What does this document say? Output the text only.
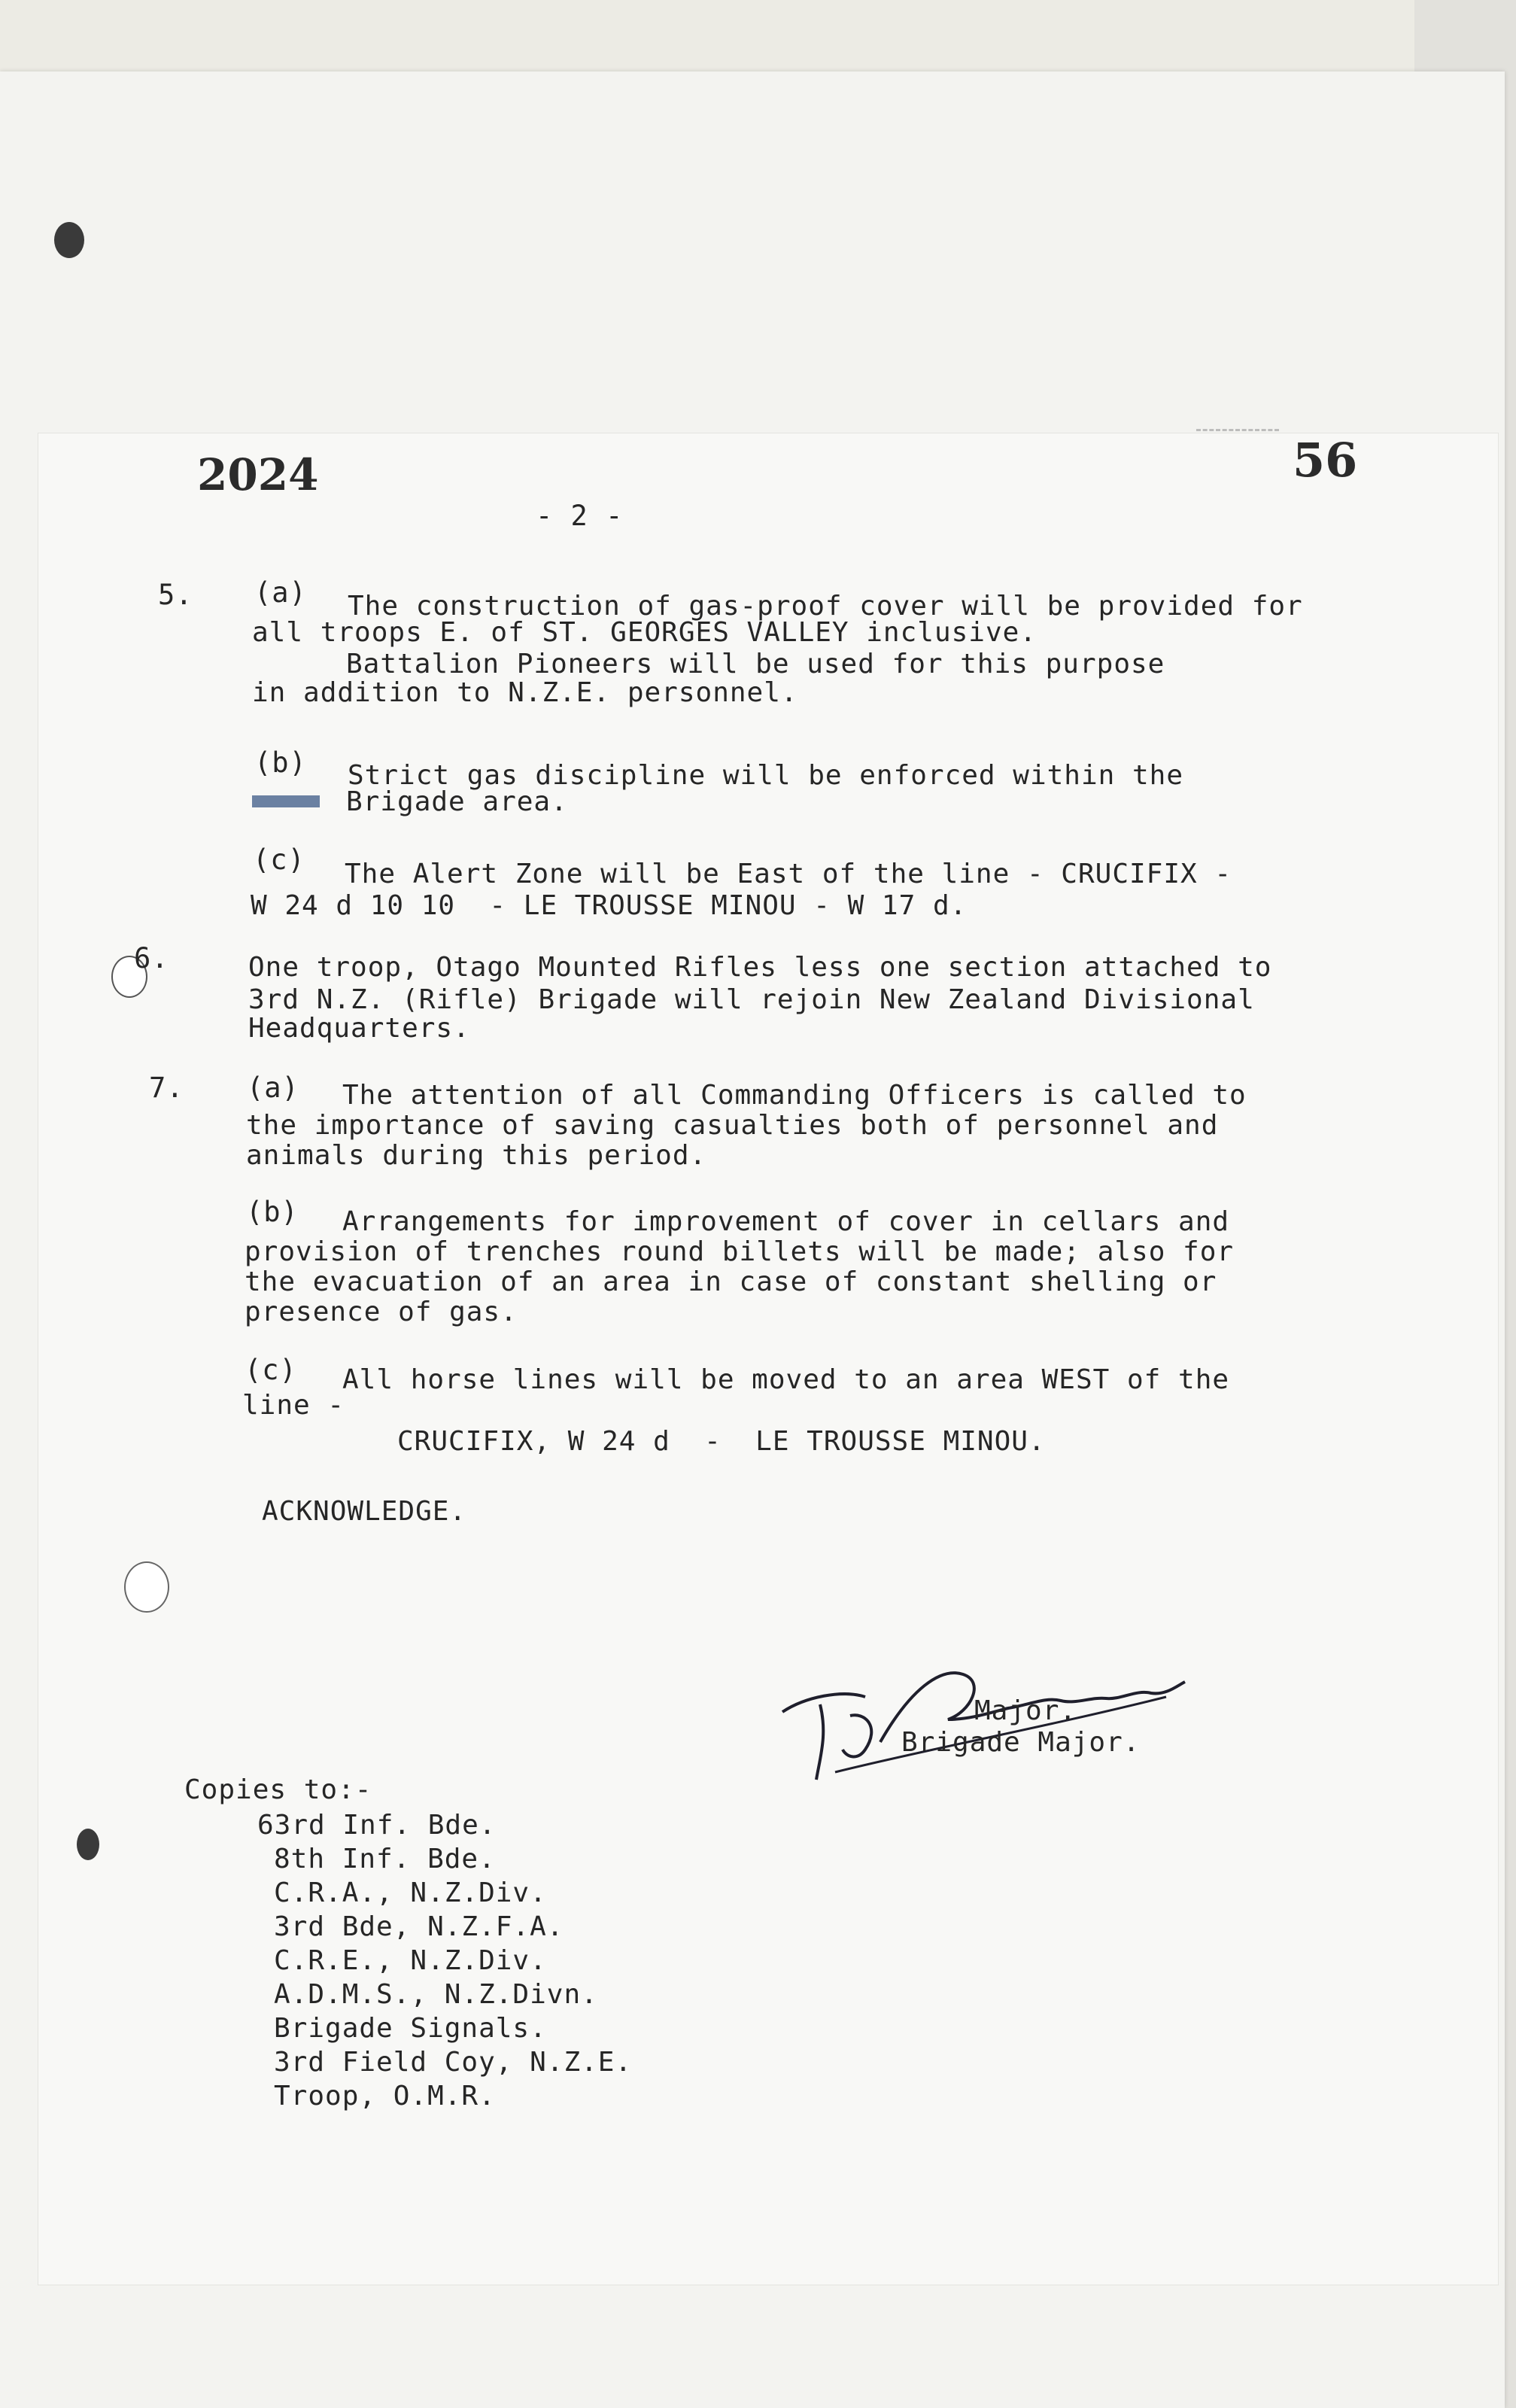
2024	56
- 2 -
5. (a) The construction of gas-proof cover will be provided for
all troops E. of ST. GEORGES VALLEY inclusive.
Battalion Pioneers will be used for this purpose
in addition to N.Z.E. personnel.
(b) Strict gas discipline will be enforced within the
Brigade area.
(c) The Alert Zone will be East of the line - CRUCIFIX -
W 24 d 10 10  - LE TROUSSE MINOU - W 17 d.
6.	One troop, Otago Mounted Rifles less one section attached to
3rd N.Z. (Rifle) Brigade will rejoin New Zealand Divisional
Headquarters.
7. (a) The attention of all Commanding Officers is called to
the importance of saving casualties both of personnel and
animals during this period.
(b) Arrangements for improvement of cover in cellars and
provision of trenches round billets will be made; also for
the evacuation of an area in case of constant shelling or
presence of gas.
(c) All horse lines will be moved to an area WEST of the
line -
CRUCIFIX, W 24 d  -  LE TROUSSE MINOU.
ACKNOWLEDGE.
Major.
Brigade Major.
Copies to:-
63rd Inf. Bde.
8th Inf. Bde.
C.R.A., N.Z.Div.
3rd Bde, N.Z.F.A.
C.R.E., N.Z.Div.
A.D.M.S., N.Z.Divn.
Brigade Signals.
3rd Field Coy, N.Z.E.
Troop, O.M.R.
